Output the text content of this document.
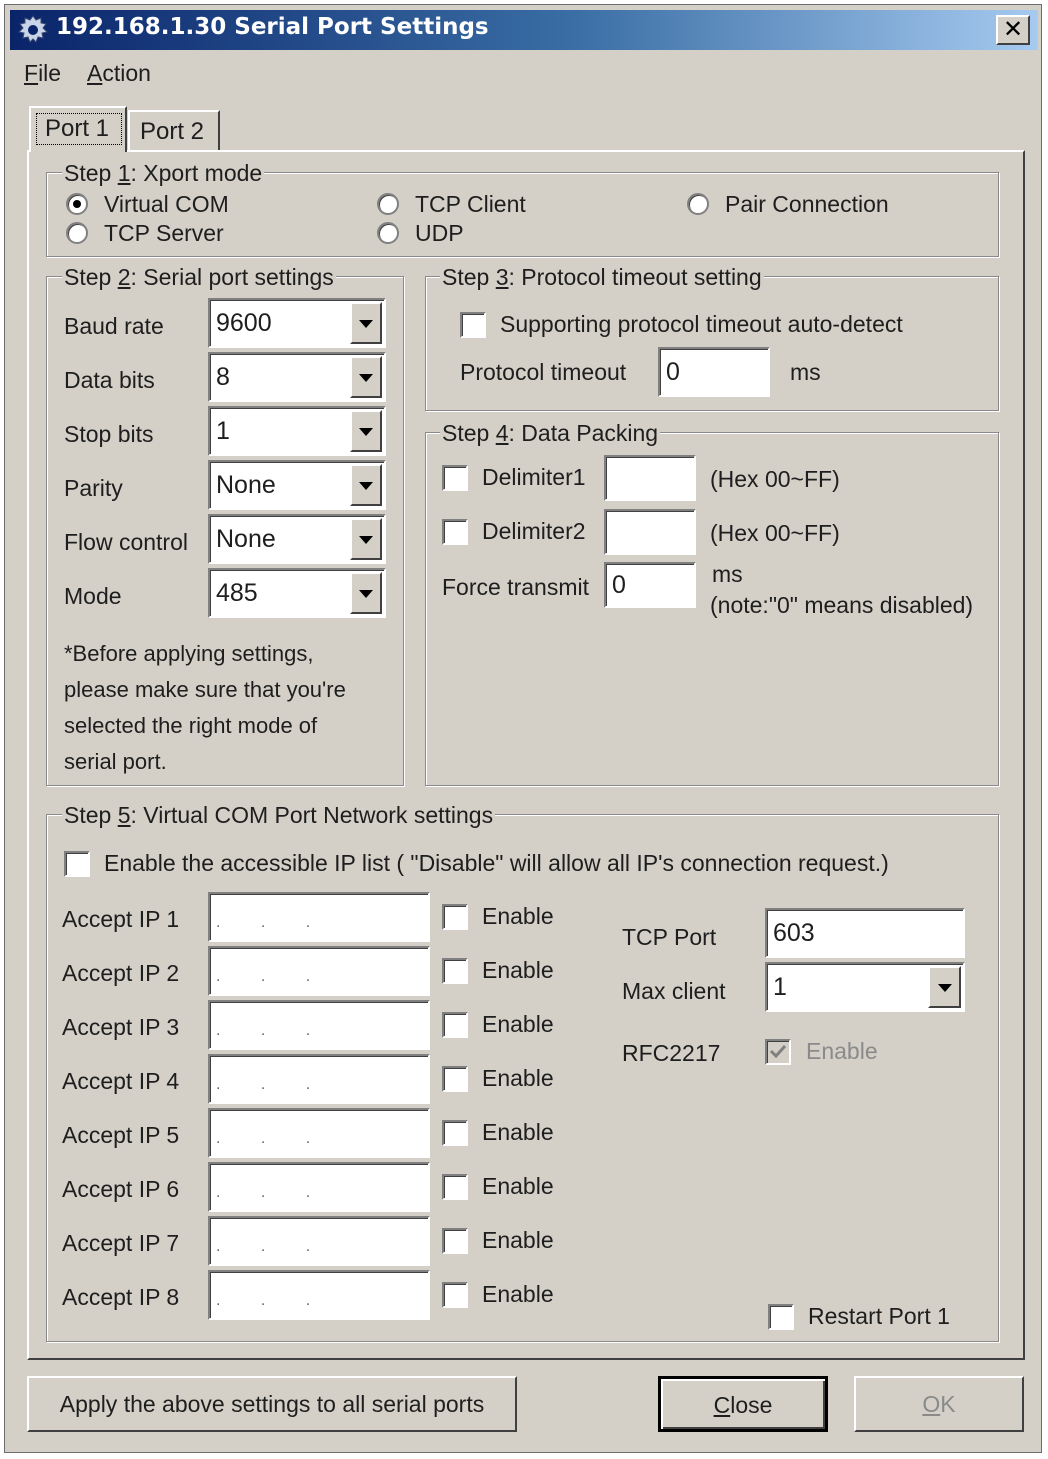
192.168.1.30 Serial Port Settings	✕
File Action
Port 1 Port 2
Step 1: Xport mode
Virtual COM	TCP Client	Pair Connection
TCP Server	UDP
Step 2: Serial port settings
Baud rate	9600
Data bits	8
Stop bits	1
Parity	None
Flow control	None
Mode	485
*Before applying settings,
please make sure that you're
selected the right mode of
serial port.
Step 3: Protocol timeout setting
Supporting protocol timeout auto-detect
Protocol timeout	0	ms
Step 4: Data Packing
Delimiter1	(Hex 00~FF)
Delimiter2	(Hex 00~FF)
Force transmit 0	ms
(note:"0" means disabled)
Step 5: Virtual COM Port Network settings
Enable the accessible IP list ( "Disable" will allow all IP's connection request.)
Accept IP 1	. . .	Enable
Accept IP 2	. . .	Enable
Accept IP 3	. . .	Enable
Accept IP 4	. . .	Enable
Accept IP 5	. . .	Enable
Accept IP 6	. . .	Enable
Accept IP 7	. . .	Enable
Accept IP 8	. . .	Enable
TCP Port	603
Max client	1
RFC2217	Enable
Restart Port 1
Apply the above settings to all serial ports	Close	OK
